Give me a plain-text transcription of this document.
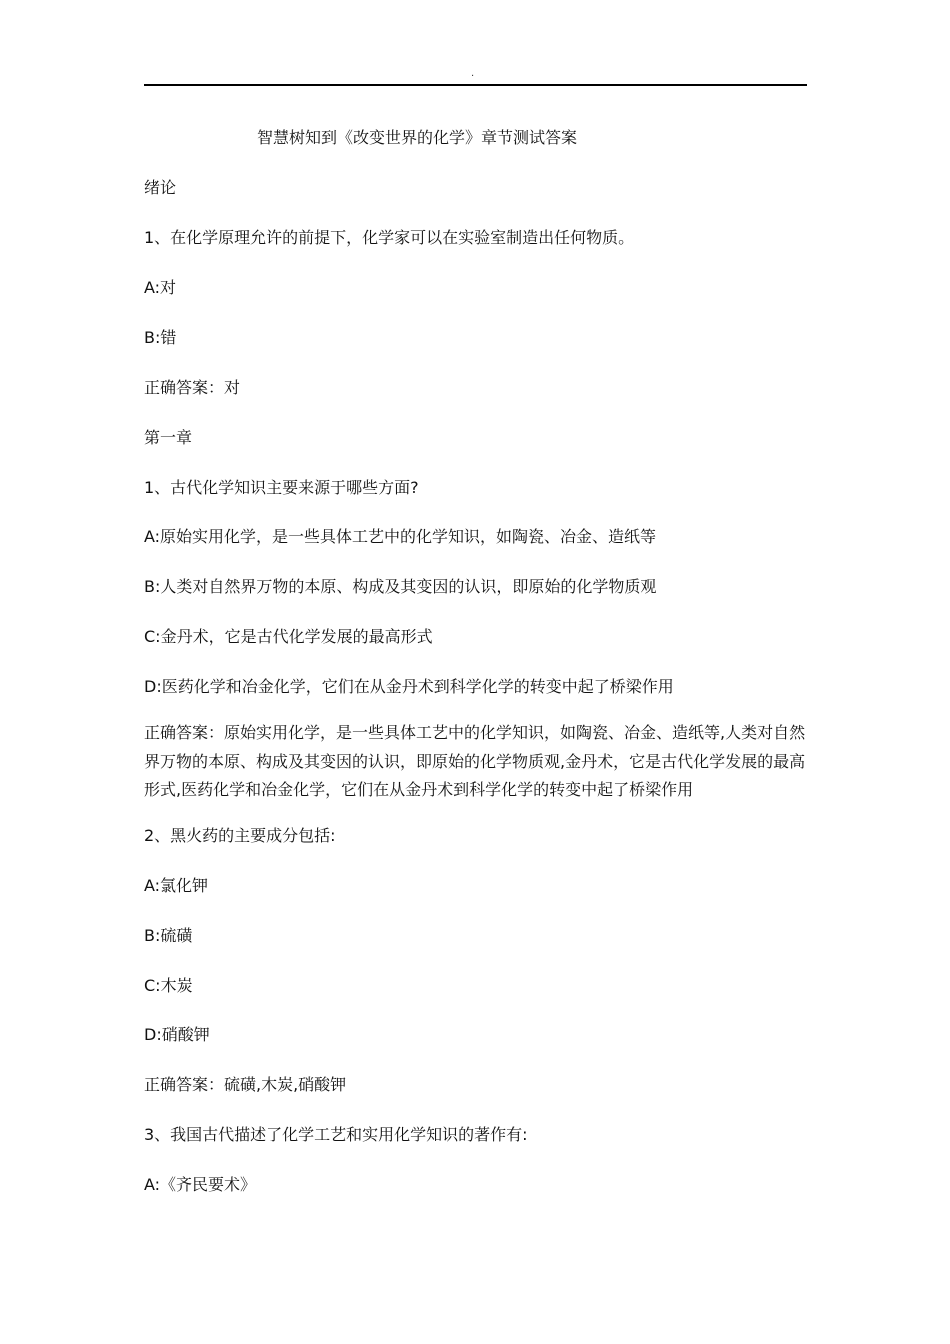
.
智慧树知到《改变世界的化学》章节测试答案
绪论
1、在化学原理允许的前提下，化学家可以在实验室制造出任何物质。
A:对
B:错
正确答案：对
第一章
1、古代化学知识主要来源于哪些方面?
A:原始实用化学，是一些具体工艺中的化学知识，如陶瓷、冶金、造纸等
B:人类对自然界万物的本原、构成及其变因的认识，即原始的化学物质观
C:金丹术，它是古代化学发展的最高形式
D:医药化学和冶金化学，它们在从金丹术到科学化学的转变中起了桥梁作用
正确答案：原始实用化学，是一些具体工艺中的化学知识，如陶瓷、冶金、造纸等,人类对自然界万物的本原、构成及其变因的认识，即原始的化学物质观,金丹术，它是古代化学发展的最高形式,医药化学和冶金化学，它们在从金丹术到科学化学的转变中起了桥梁作用
2、黑火药的主要成分包括:
A:氯化钾
B:硫磺
C:木炭
D:硝酸钾
正确答案：硫磺,木炭,硝酸钾
3、我国古代描述了化学工艺和实用化学知识的著作有:
A:《齐民要术》
